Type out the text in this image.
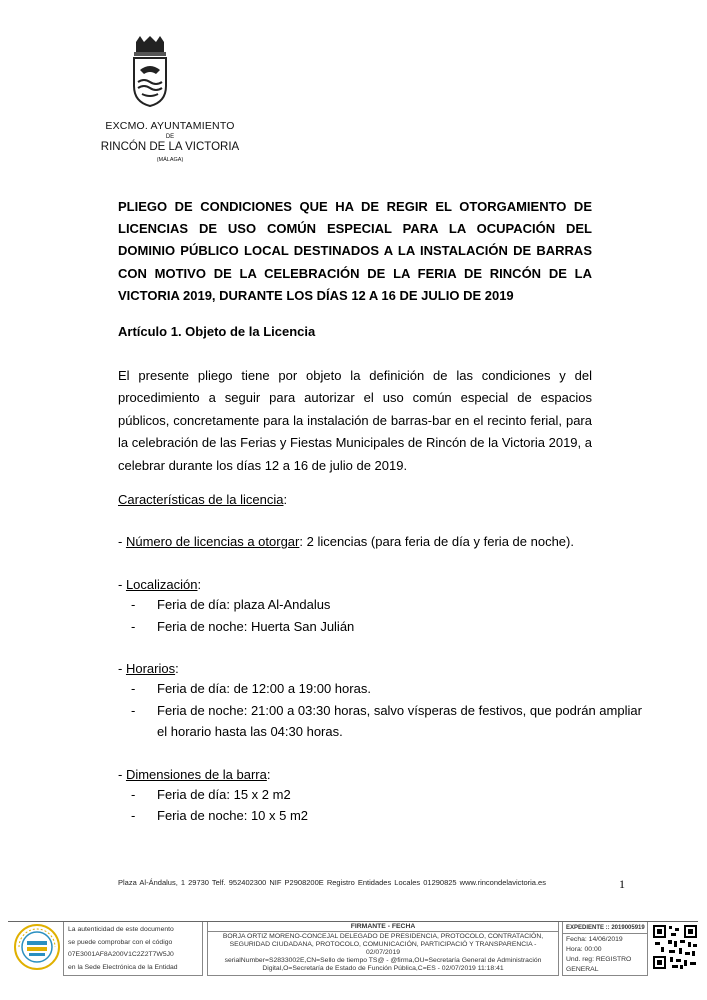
EXCMO. AYUNTAMIENTO
DE
RINCÓN DE LA VICTORIA
(MÁLAGA)
PLIEGO DE CONDICIONES QUE HA DE REGIR EL OTORGAMIENTO DE LICENCIAS DE USO COMÚN ESPECIAL PARA LA OCUPACIÓN DEL DOMINIO PÚBLICO LOCAL DESTINADOS A LA INSTALACIÓN DE BARRAS CON MOTIVO DE LA CELEBRACIÓN DE LA FERIA DE RINCÓN DE LA VICTORIA 2019, DURANTE LOS DÍAS 12 A 16 DE JULIO DE 2019
Artículo 1. Objeto de la Licencia
El presente pliego tiene por objeto la definición de las condiciones y del procedimiento a seguir para autorizar el uso común especial de espacios públicos, concretamente para la instalación de barras-bar en el recinto ferial, para la celebración de las Ferias y Fiestas Municipales de Rincón de la Victoria 2019, a celebrar durante los días 12 a 16 de julio de 2019.
Características de la licencia:
- Número de licencias a otorgar: 2 licencias (para feria de día y feria de noche).
- Localización:
- Feria de día: plaza Al-Andalus
- Feria de noche: Huerta San Julián
- Horarios:
- Feria de día: de 12:00 a 19:00 horas.
- Feria de noche: 21:00 a 03:30 horas, salvo vísperas de festivos, que podrán ampliar
el horario hasta las 04:30 horas.
- Dimensiones de la barra:
- Feria de día: 15 x 2 m2
- Feria de noche: 10 x 5 m2
Plaza Al-Ándalus, 1 29730 Telf. 952402300 NIF P2908200E Registro Entidades Locales 01290825 www.rincondelavictoria.es	1
La autenticidad de este documento
se puede comprobar con el código
07E3001AF8A200V1C2Z2T7W5J0
en la Sede Electrónica de la Entidad
FIRMANTE - FECHA
BORJA ORTIZ MORENO-CONCEJAL DELEGADO DE PRESIDENCIA, PROTOCOLO, CONTRATACIÓN,
SEGURIDAD CIUDADANA, PROTOCOLO, COMUNICACIÓN, PARTICIPACIÓ Y TRANSPARENCIA -
02/07/2019
serialNumber=S2833002E,CN=Sello de tiempo TS@ - @firma,OU=Secretaría General de Administración
Digital,O=Secretaría de Estado de Función Pública,C=ES - 02/07/2019 11:18:41
EXPEDIENTE :: 2019005919
Fecha: 14/06/2019
Hora: 00:00
Und. reg: REGISTRO GENERAL
